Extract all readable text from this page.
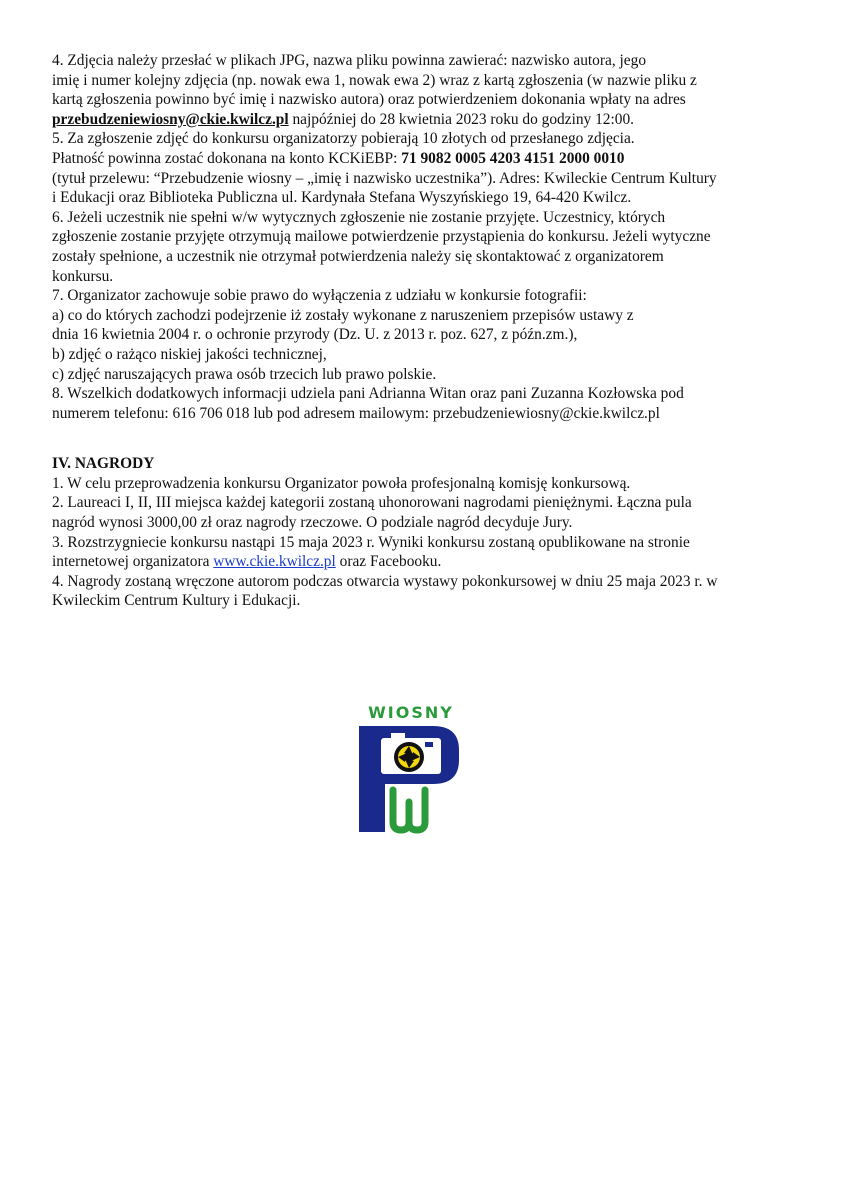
4. Zdjęcia należy przesłać w plikach JPG, nazwa pliku powinna zawierać: nazwisko autora, jego
imię i numer kolejny zdjęcia (np. nowak ewa 1, nowak ewa 2) wraz z kartą zgłoszenia (w nazwie pliku z
kartą zgłoszenia powinno być imię i nazwisko autora) oraz potwierdzeniem dokonania wpłaty na adres
przebudzeniewiosny@ckie.kwilcz.pl najpóźniej do 28 kwietnia 2023 roku do godziny 12:00.
5. Za zgłoszenie zdjęć do konkursu organizatorzy pobierają 10 złotych od przesłanego zdjęcia.
Płatność powinna zostać dokonana na konto KCKiEBP: 71 9082 0005 4203 4151 2000 0010
(tytuł przelewu: “Przebudzenie wiosny – „imię i nazwisko uczestnika”). Adres: Kwileckie Centrum Kultury
i Edukacji oraz Biblioteka Publiczna ul. Kardynała Stefana Wyszyńskiego 19, 64-420 Kwilcz.
6. Jeżeli uczestnik nie spełni w/w wytycznych zgłoszenie nie zostanie przyjęte. Uczestnicy, których
zgłoszenie zostanie przyjęte otrzymują mailowe potwierdzenie przystąpienia do konkursu. Jeżeli wytyczne
zostały spełnione, a uczestnik nie otrzymał potwierdzenia należy się skontaktować z organizatorem
konkursu.
7. Organizator zachowuje sobie prawo do wyłączenia z udziału w konkursie fotografii:
a) co do których zachodzi podejrzenie iż zostały wykonane z naruszeniem przepisów ustawy z
dnia 16 kwietnia 2004 r. o ochronie przyrody (Dz. U. z 2013 r. poz. 627, z późn.zm.),
b) zdjęć o rażąco niskiej jakości technicznej,
c) zdjęć naruszających prawa osób trzecich lub prawo polskie.
8. Wszelkich dodatkowych informacji udziela pani Adrianna Witan oraz pani Zuzanna Kozłowska pod
numerem telefonu: 616 706 018 lub pod adresem mailowym: przebudzeniewiosny@ckie.kwilcz.pl
IV. NAGRODY
1. W celu przeprowadzenia konkursu Organizator powoła profesjonalną komisję konkursową.
2. Laureaci I, II, III miejsca każdej kategorii zostaną uhonorowani nagrodami pieniężnymi. Łączna pula
nagród wynosi 3000,00 zł oraz nagrody rzeczowe. O podziale nagród decyduje Jury.
3. Rozstrzygniecie konkursu nastąpi 15 maja 2023 r. Wyniki konkursu zostaną opublikowane na stronie
internetowej organizatora www.ckie.kwilcz.pl oraz Facebooku.
4. Nagrody zostaną wręczone autorom podczas otwarcia wystawy pokonkursowej w dniu 25 maja 2023 r. w
Kwileckim Centrum Kultury i Edukacji.
WIOSNY
